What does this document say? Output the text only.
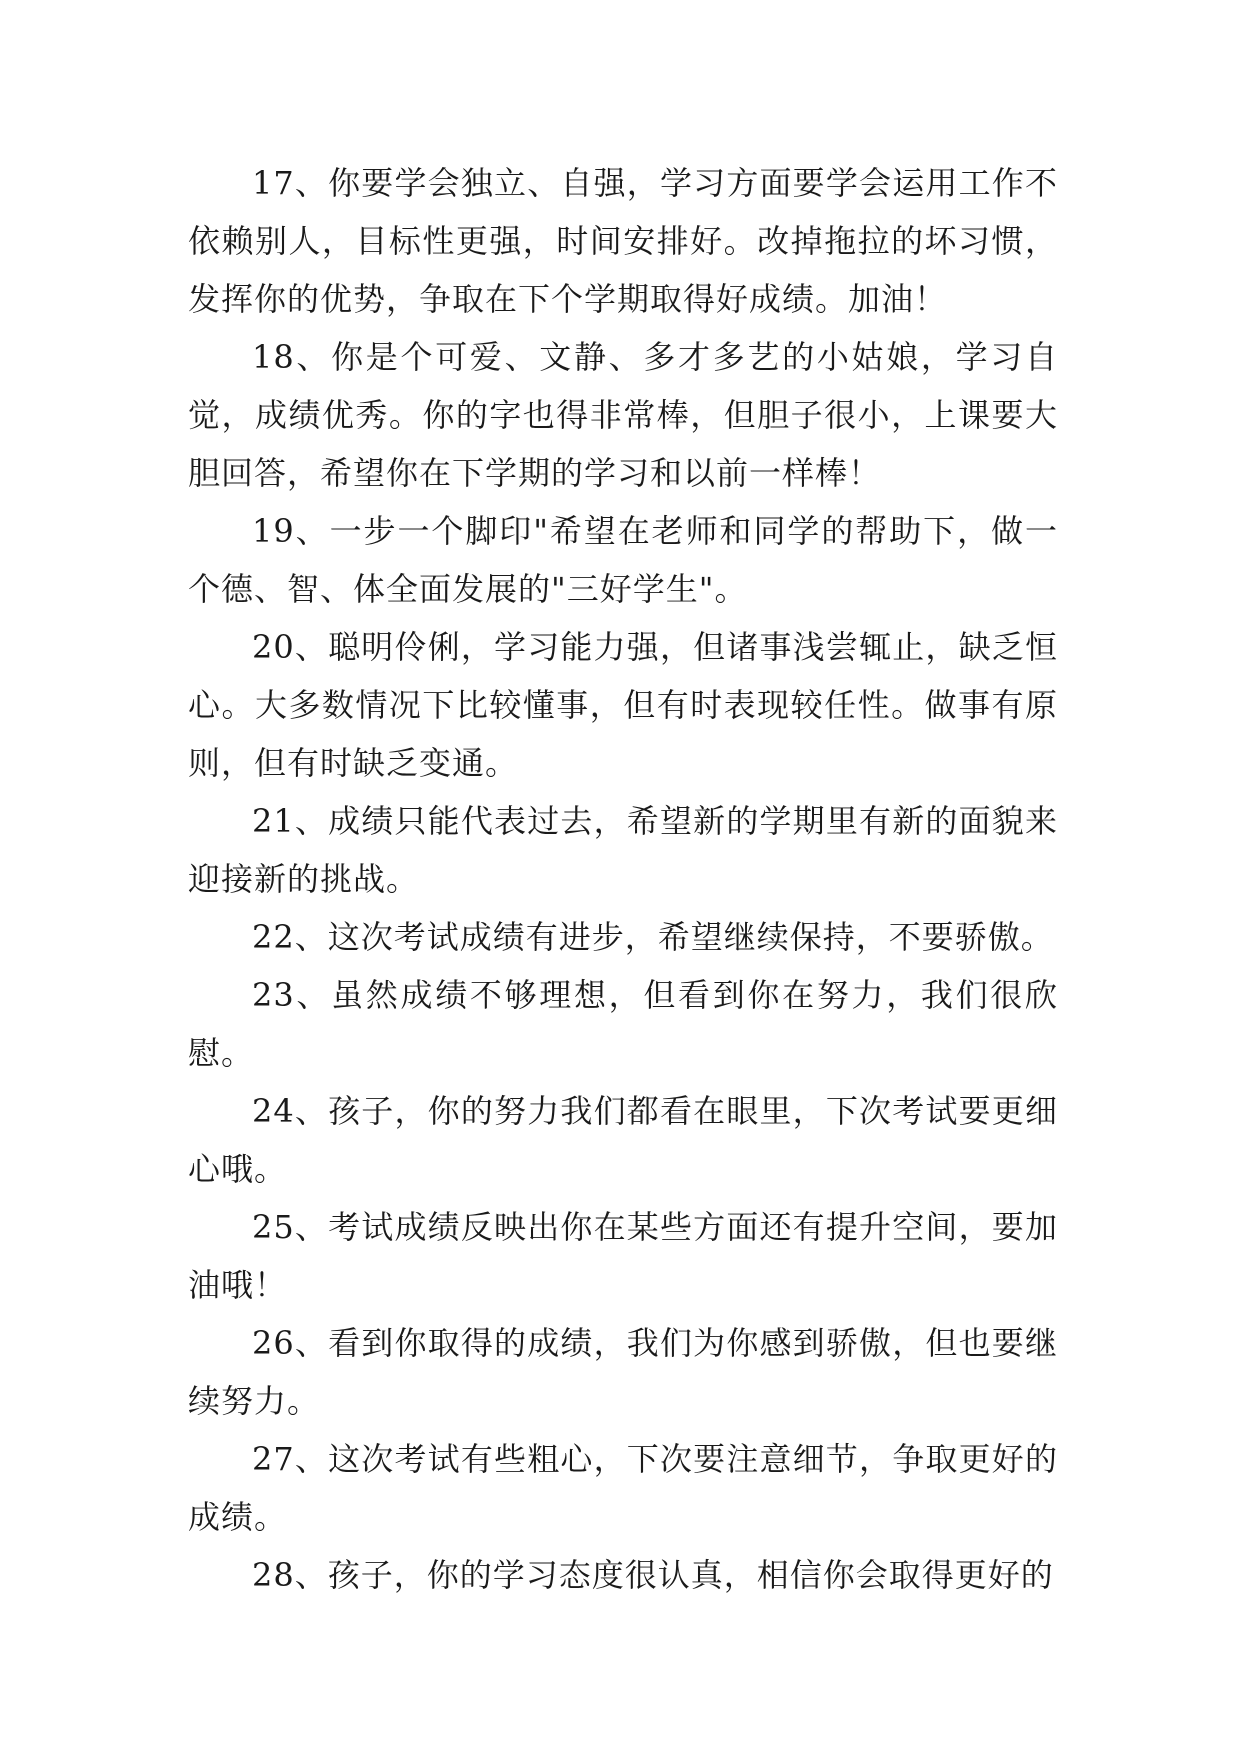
17、你要学会独立、自强，学习方面要学会运用工作不依赖别人，目标性更强，时间安排好。改掉拖拉的坏习惯，发挥你的优势，争取在下个学期取得好成绩。加油！

18、你是个可爱、文静、多才多艺的小姑娘，学习自觉，成绩优秀。你的字也得非常棒，但胆子很小，上课要大胆回答，希望你在下学期的学习和以前一样棒！

19、一步一个脚印"希望在老师和同学的帮助下，做一个德、智、体全面发展的"三好学生"。

20、聪明伶俐，学习能力强，但诸事浅尝辄止，缺乏恒心。大多数情况下比较懂事，但有时表现较任性。做事有原则，但有时缺乏变通。

21、成绩只能代表过去，希望新的学期里有新的面貌来迎接新的挑战。

22、这次考试成绩有进步，希望继续保持，不要骄傲。

23、虽然成绩不够理想，但看到你在努力，我们很欣慰。

24、孩子，你的努力我们都看在眼里，下次考试要更细心哦。

25、考试成绩反映出你在某些方面还有提升空间，要加油哦！

26、看到你取得的成绩，我们为你感到骄傲，但也要继续努力。

27、这次考试有些粗心，下次要注意细节，争取更好的成绩。

28、孩子，你的学习态度很认真，相信你会取得更好的
